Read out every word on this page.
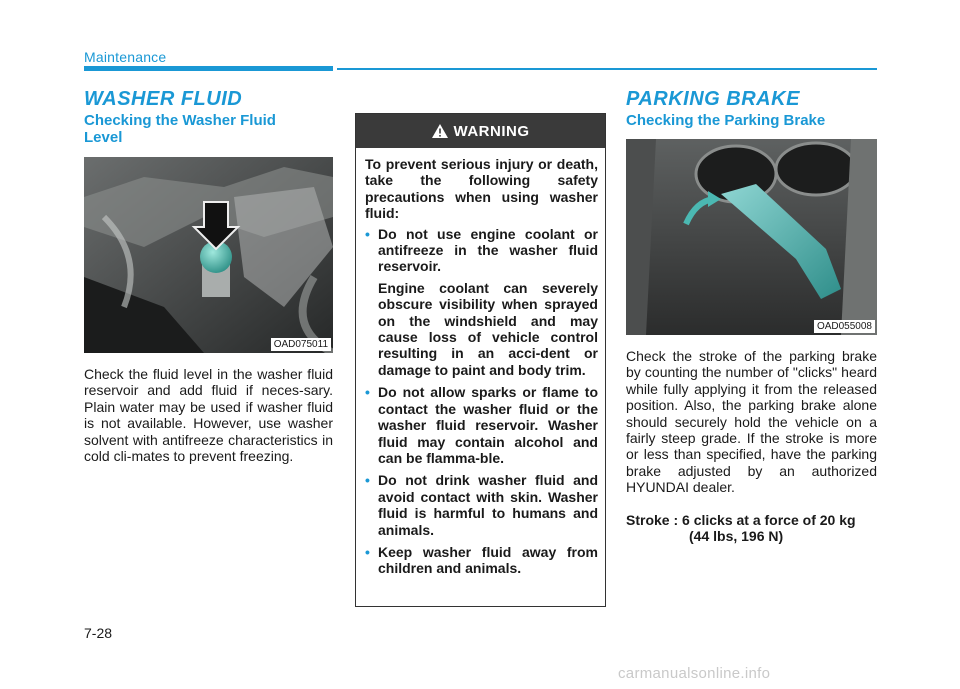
Maintenance
WASHER FLUID
Checking the Washer Fluid Level
OAD075011
Check the fluid level in the washer fluid reservoir and add fluid if neces-sary. Plain water may be used if washer fluid is not available. However, use washer solvent with antifreeze characteristics in cold cli-mates to prevent freezing.
WARNING

To prevent serious injury or death, take the following safety precautions when using washer fluid:

• Do not use engine coolant or antifreeze in the washer fluid reservoir.
Engine coolant can severely obscure visibility when sprayed on the windshield and may cause loss of vehicle control resulting in an acci-dent or damage to paint and body trim.
• Do not allow sparks or flame to contact the washer fluid or the washer fluid reservoir. Washer fluid may contain alcohol and can be flamma-ble.
• Do not drink washer fluid and avoid contact with skin. Washer fluid is harmful to humans and animals.
• Keep washer fluid away from children and animals.
PARKING BRAKE
Checking the Parking Brake
OAD055008
Check the stroke of the parking brake by counting the number of "clicks" heard while fully applying it from the released position. Also, the parking brake alone should securely hold the vehicle on a fairly steep grade. If the stroke is more or less than specified, have the parking brake adjusted by an authorized HYUNDAI dealer.
Stroke : 6 clicks at a force of 20 kg
(44 lbs, 196 N)
7-28
carmanualsonline.info
